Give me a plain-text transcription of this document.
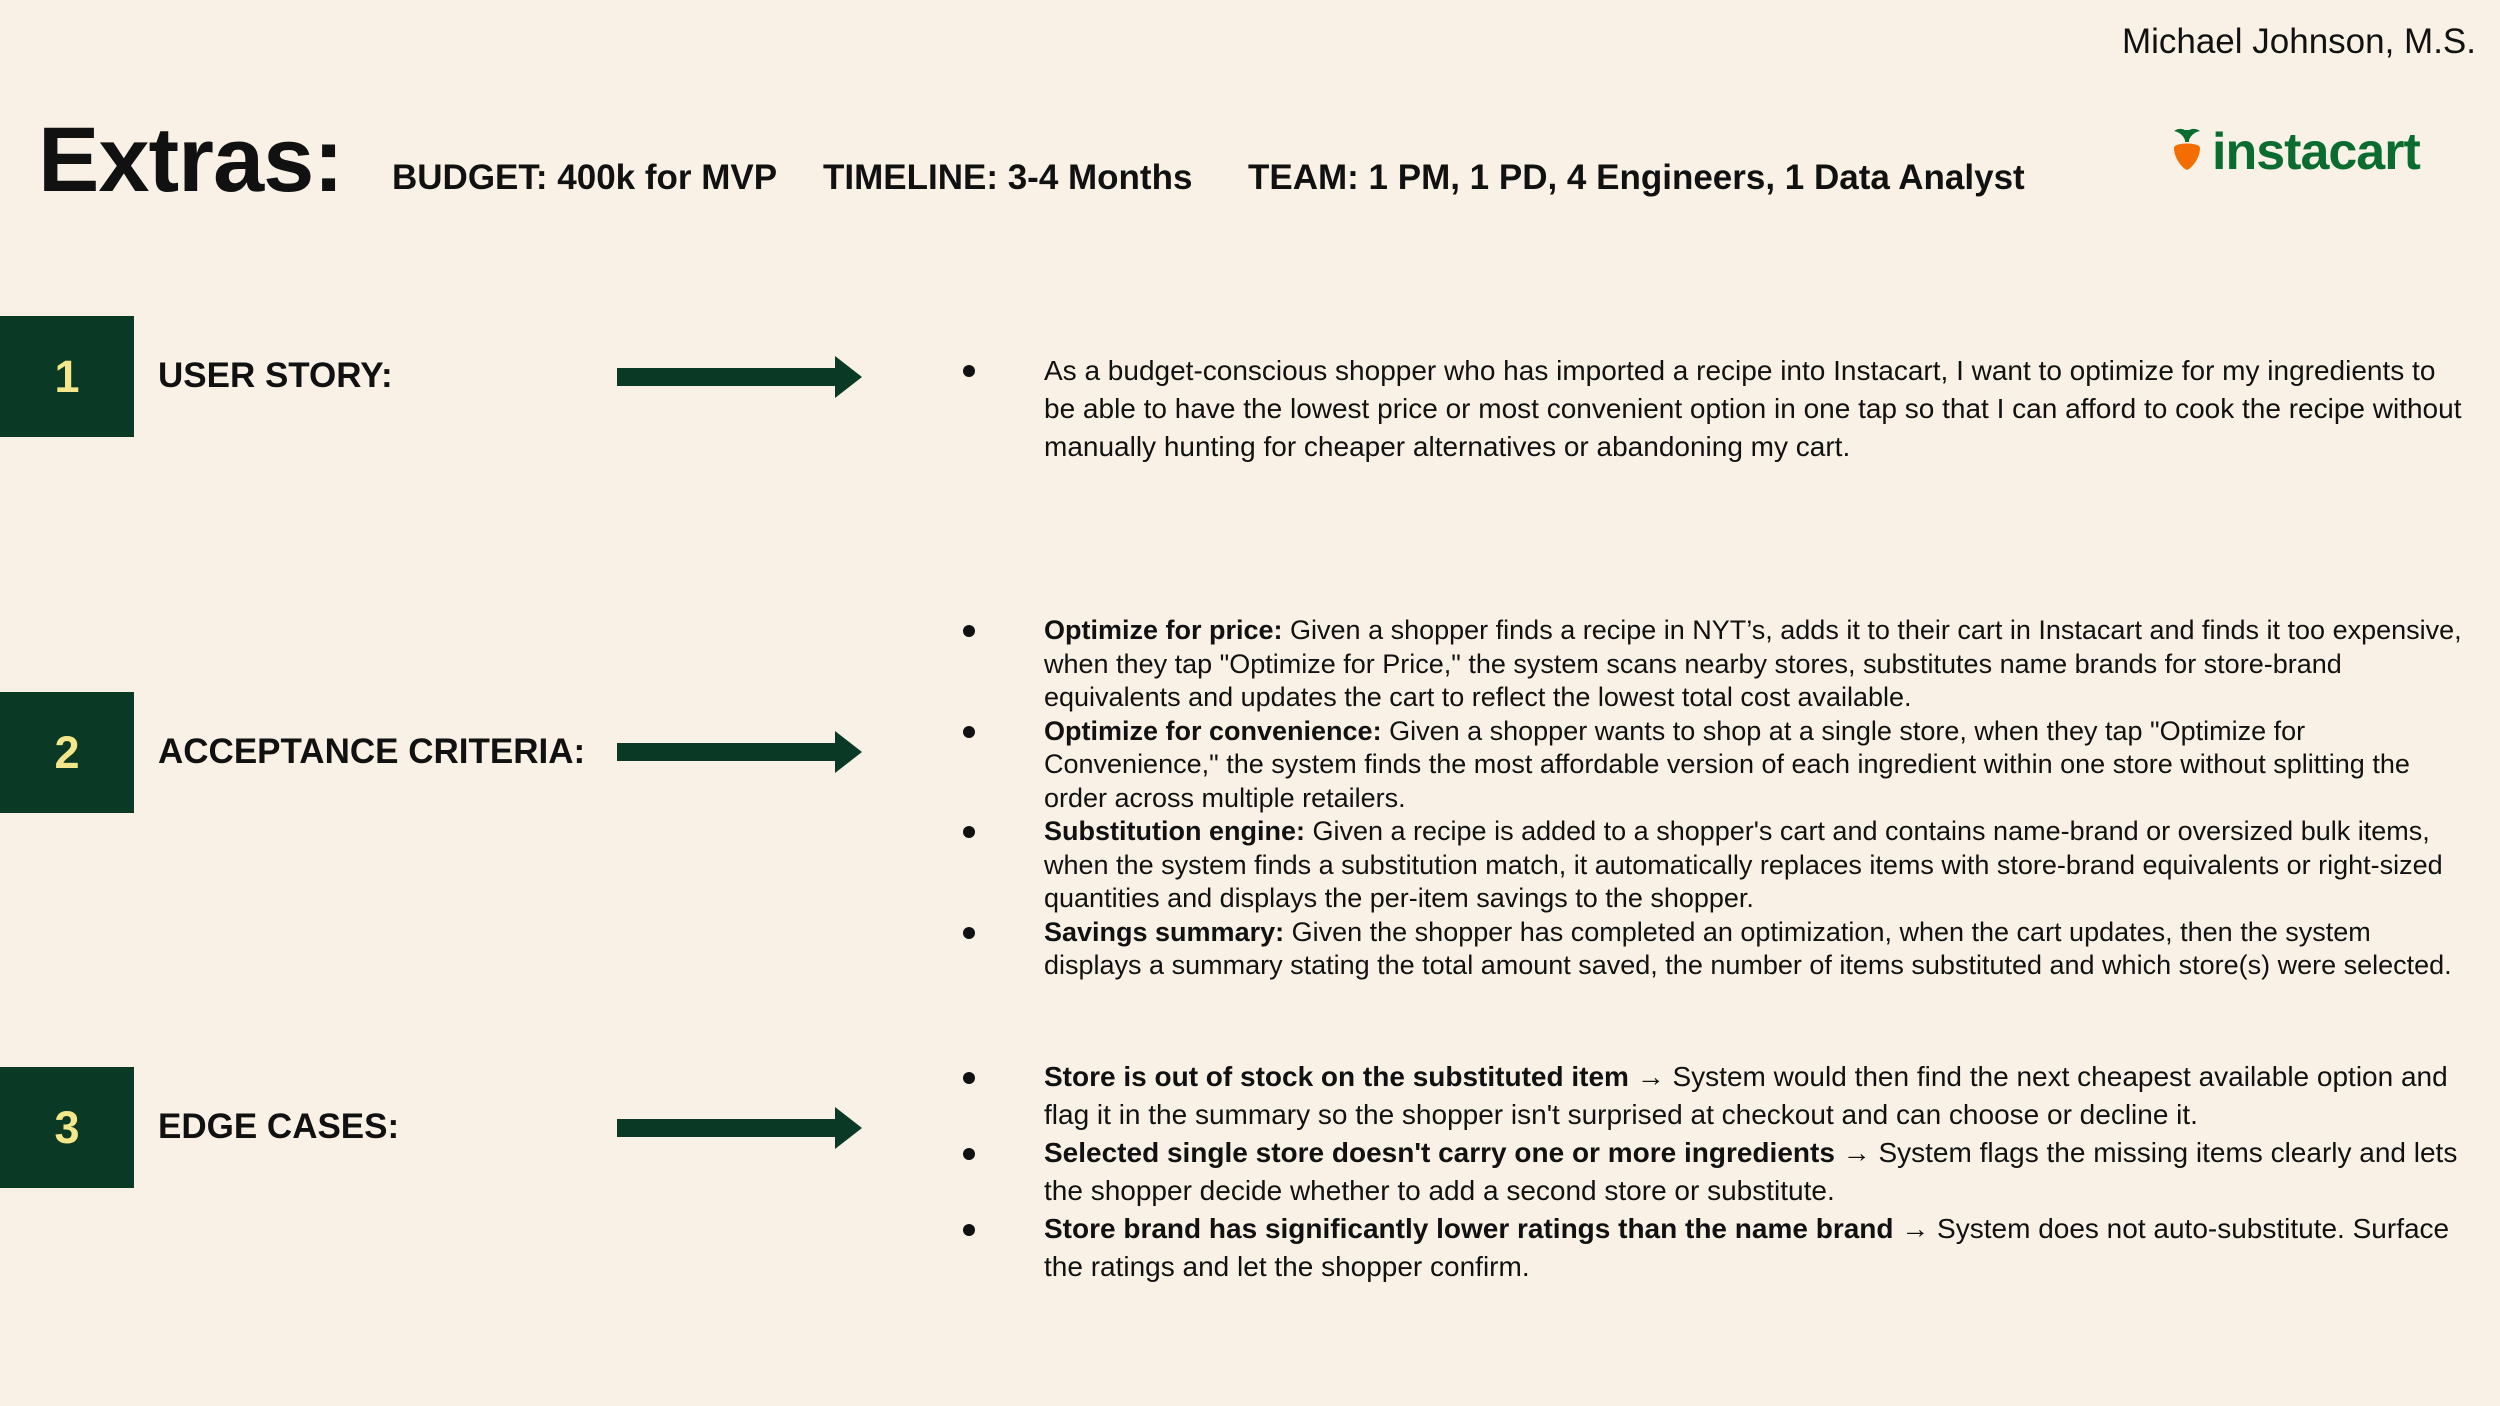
Michael Johnson, M.S.
Extras: BUDGET: 400k for MVP TIMELINE: 3-4 Months TEAM: 1 PM, 1 PD, 4 Engineers, 1 Data Analyst	instacart
1	USER STORY:	As a budget-conscious shopper who has imported a recipe into Instacart, I want to optimize for my ingredients to be able to have the lowest price or most convenient option in one tap so that I can afford to cook the recipe without manually hunting for cheaper alternatives or abandoning my cart.
2	ACCEPTANCE CRITERIA:
Optimize for price: Given a shopper finds a recipe in NYT’s, adds it to their cart in Instacart and finds it too expensive, when they tap "Optimize for Price," the system scans nearby stores, substitutes name brands for store-brand equivalents and updates the cart to reflect the lowest total cost available.
Optimize for convenience: Given a shopper wants to shop at a single store, when they tap "Optimize for Convenience," the system finds the most affordable version of each ingredient within one store without splitting the order across multiple retailers.
Substitution engine: Given a recipe is added to a shopper's cart and contains name-brand or oversized bulk items, when the system finds a substitution match, it automatically replaces items with store-brand equivalents or right-sized quantities and displays the per-item savings to the shopper.
Savings summary: Given the shopper has completed an optimization, when the cart updates, then the system displays a summary stating the total amount saved, the number of items substituted and which store(s) were selected.
3	EDGE CASES:
Store is out of stock on the substituted item → System would then find the next cheapest available option and flag it in the summary so the shopper isn't surprised at checkout and can choose or decline it.
Selected single store doesn't carry one or more ingredients → System flags the missing items clearly and lets the shopper decide whether to add a second store or substitute.
Store brand has significantly lower ratings than the name brand → System does not auto-substitute. Surface the ratings and let the shopper confirm.
